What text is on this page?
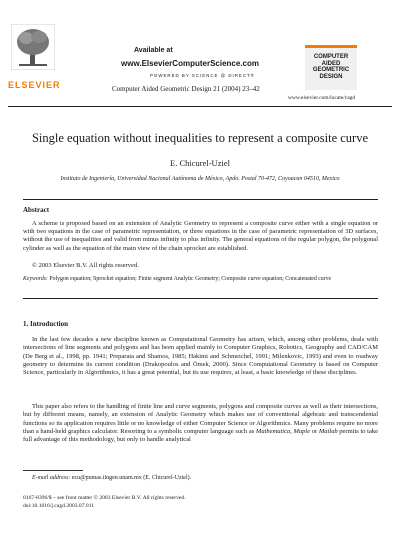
ELSEVIER
Available at
www.ElsevierComputerScience.com
POWERED BY SCIENCE @ DIRECT®
Computer Aided Geometric Design 21 (2004) 23–42
COMPUTER AIDED GEOMETRIC DESIGN
www.elsevier.com/locate/cagd
Single equation without inequalities to represent a composite curve
E. Chicurel-Uziel
Instituto de Ingeniería, Universidad Nacional Autónoma de México, Apdo. Postal 70-472, Coyoacan 04510, Mexico
Abstract
A scheme is proposed based on an extension of Analytic Geometry to represent a composite curve either with a single equation or with two equations in the case of parametric representation, or three equations in the case of parametric representation of 3D surfaces, without the use of inequalities and valid from minus infinity to plus infinity. The general equations of the regular polygon, the polygonal cylinder as well as the equation of the main view of the chain sprocket are established.
© 2003 Elsevier B.V. All rights reserved.
Keywords: Polygon equation; Sprocket equation; Finite segment Analytic Geometry; Composite curve equation; Concatenated curve
1. Introduction
In the last few decades a new discipline known as Computational Geometry has arisen, which, among other problems, deals with intersections of line segments and polygons and has been applied mainly to Computer Graphics, Robotics, Geography and CAD/CAM (De Berg et al., 1998, pp. 1941; Preparata and Shamos, 1985; Hakimi and Schmeichel, 1991; Milenkovic, 1993) and even to roadway geometry to determine its current condition (Drakopoulos and Ömek, 2000). Since Computational Geometry is based on Computer Science, particularly in Algorithmics, it has a great potential, but its use requires, at least, a basic knowledge of these disciplines.
This paper also refers to the handling of finite line and curve segments, polygons and composite curves as well as their intersections, but by different means, namely, an extension of Analytic Geometry which makes use of conventional algebraic and transcendental functions so its application requires little or no knowledge of either Computer Science or Algorithmics. Many problems require no more than a hand-held graphics calculator. Resorting to a symbolic computer language such as Mathematica, Maple or Matlab permits to take full advantage of this methodology, but only to handle analytical
E-mail address: ecu@pumas.iingen.unam.mx (E. Chicurel-Uziel).
0167-8396/$ – see front matter © 2003 Elsevier B.V. All rights reserved.
doi:10.1016/j.cagd.2003.07.011
